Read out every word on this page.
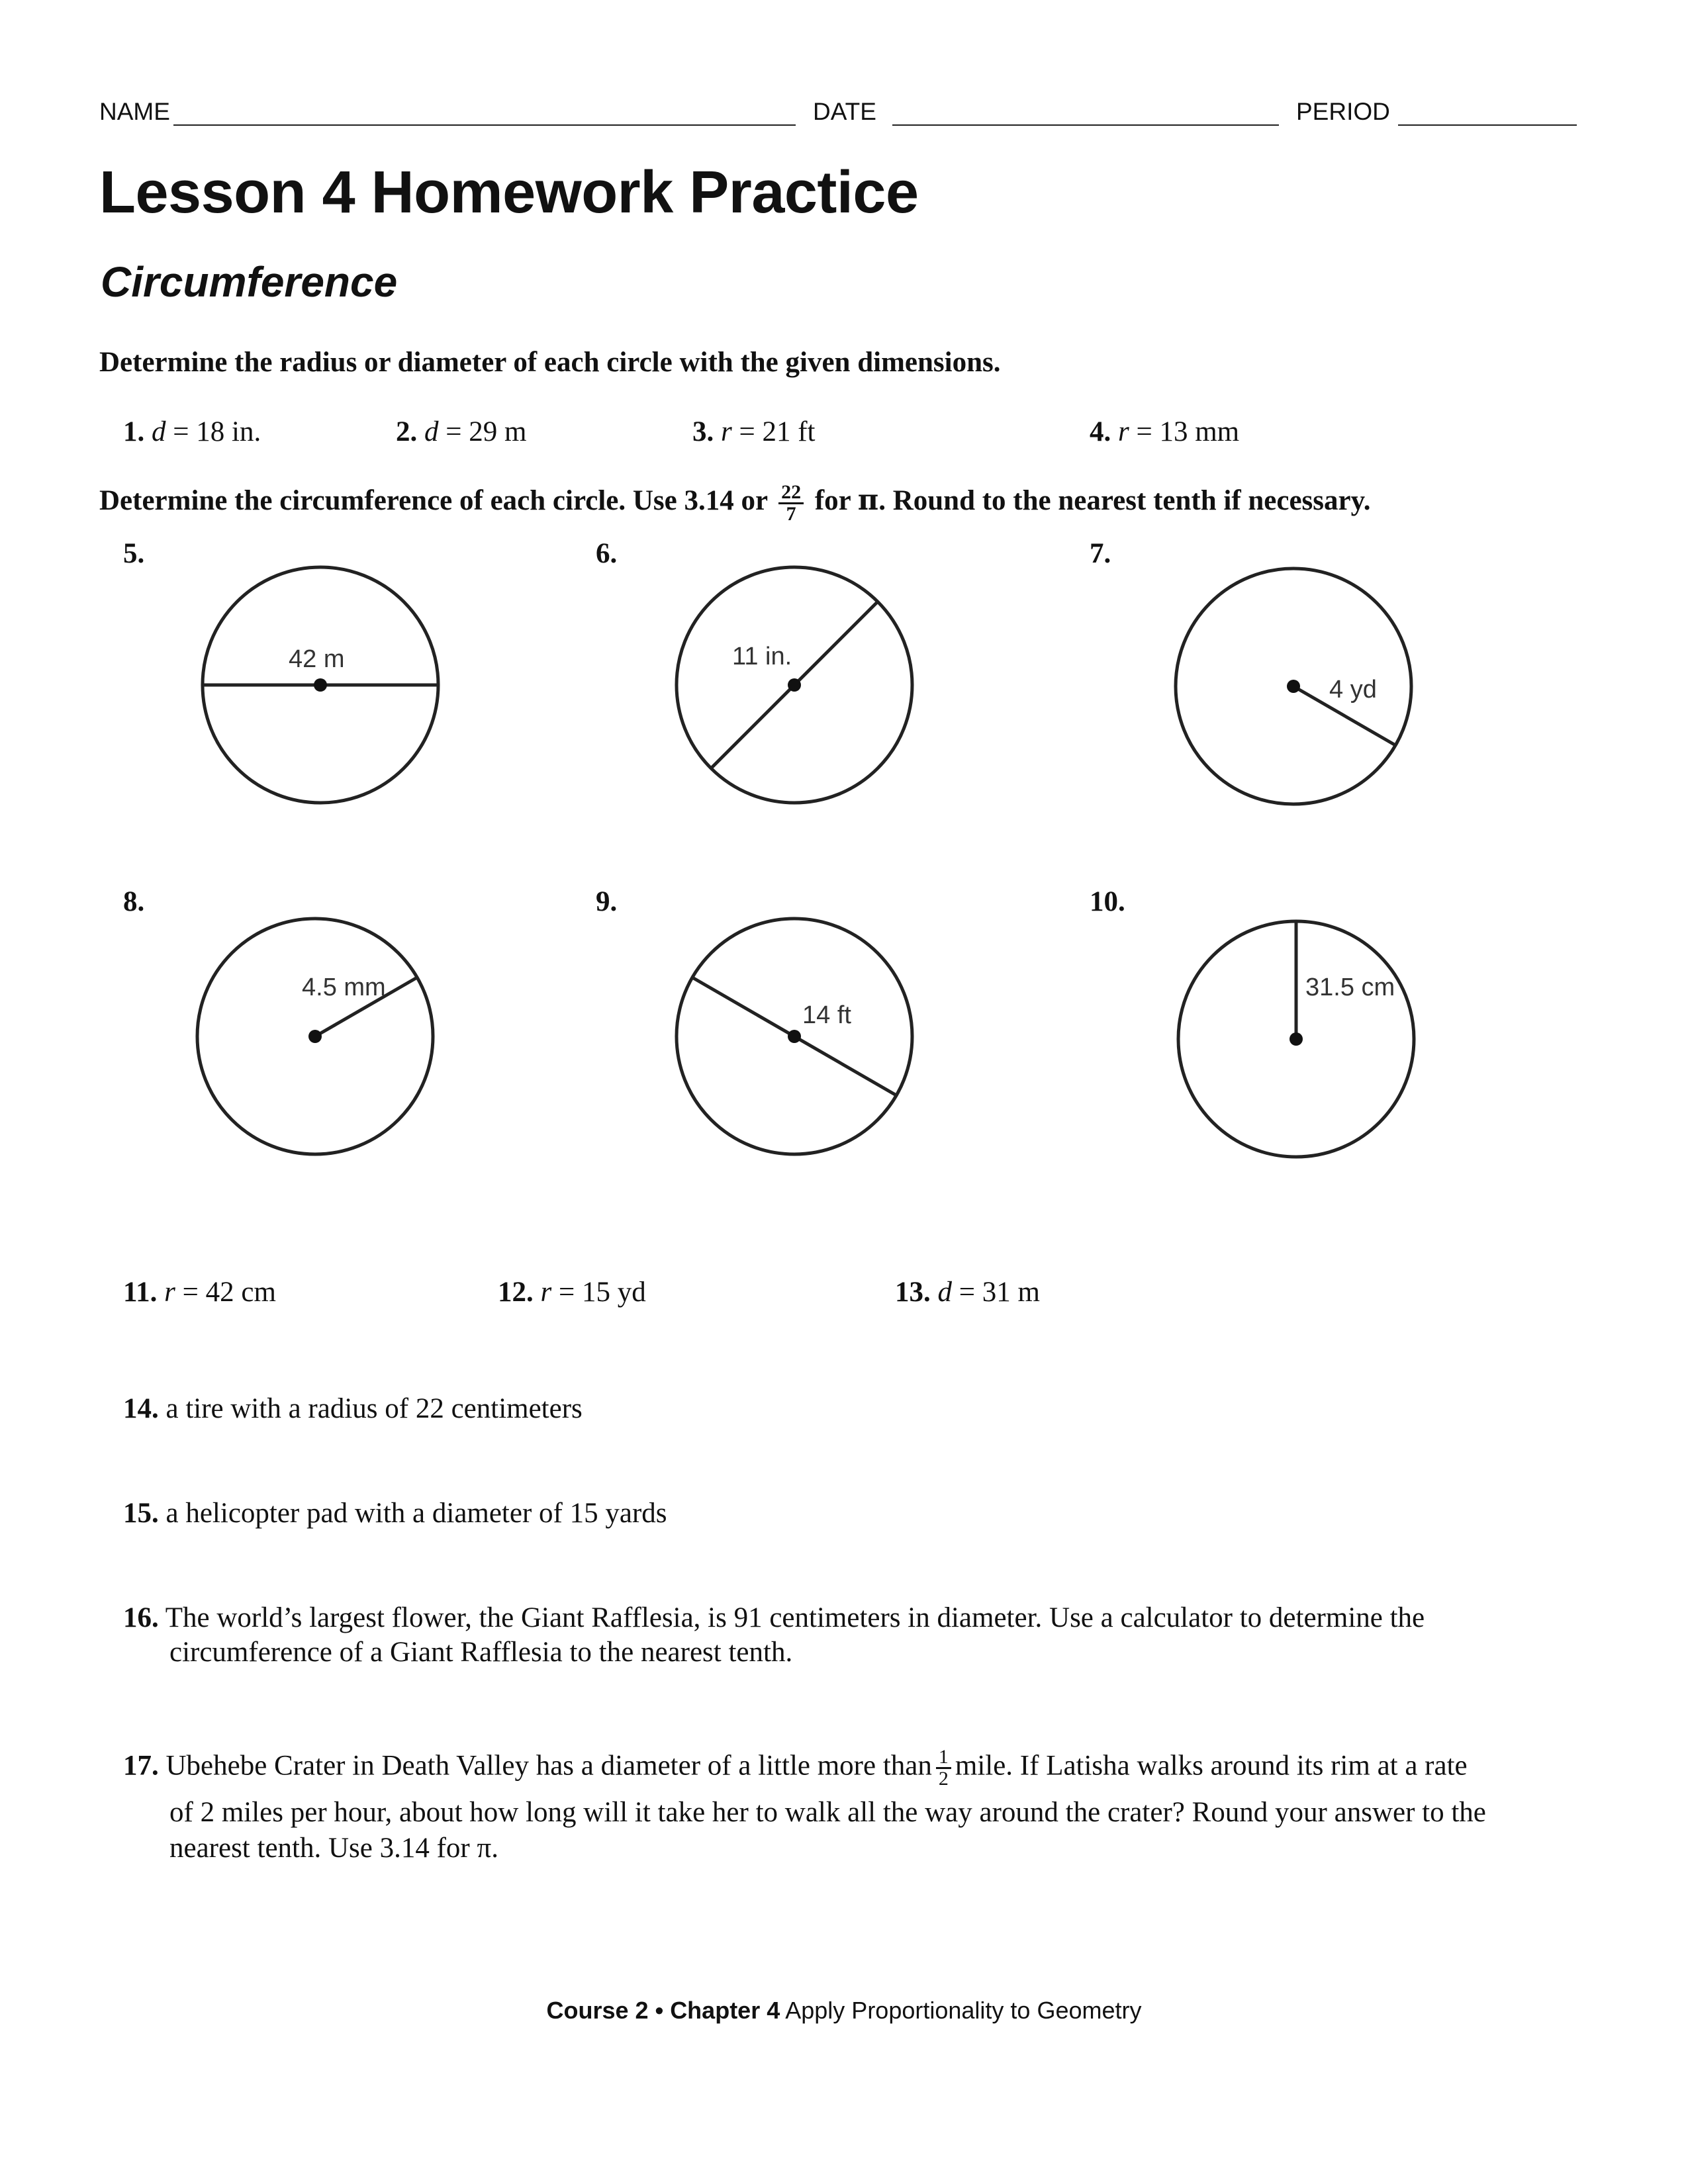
NAME	DATE	PERIOD
Lesson 4 Homework Practice
Circumference
Determine the radius or diameter of each circle with the given dimensions.
1. d = 18 in.	2. d = 29 m	3. r = 21 ft	4. r = 13 mm
Determine the circumference of each circle. Use 3.14 or $\frac{22}{7}$ for π. Round to the nearest tenth if necessary.
5.	6.	7.
8.	9.	10.
42 m	11 in.
4 yd
4.5 mm
14 ft
31.5 cm
11. r = 42 cm	12. r = 15 yd	13. d = 31 m
14. a tire with a radius of 22 centimeters
15. a helicopter pad with a diameter of 15 yards
16. The world’s largest flower, the Giant Rafflesia, is 91 centimeters in diameter. Use a calculator to determine the
circumference of a Giant Rafflesia to the nearest tenth.
17. Ubehebe Crater in Death Valley has a diameter of a little more than $\frac{1}{2}$ mile. If Latisha walks around its rim at a rate
of 2 miles per hour, about how long will it take her to walk all the way around the crater? Round your answer to the
nearest tenth. Use 3.14 for π.
Course 2 • Chapter 4 Apply Proportionality to Geometry
